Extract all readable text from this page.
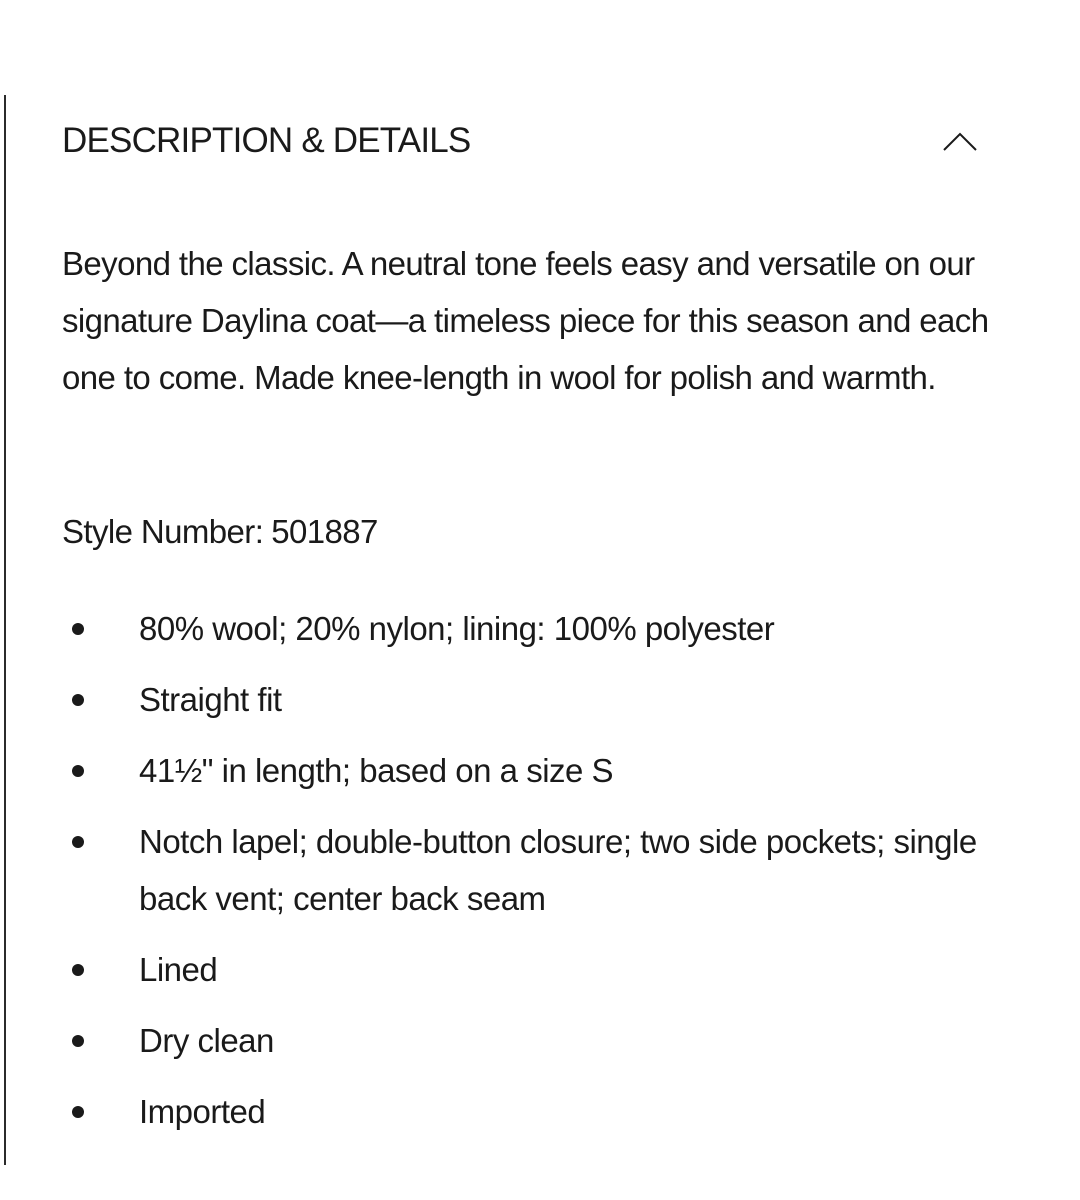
DESCRIPTION & DETAILS

Beyond the classic. A neutral tone feels easy and versatile on our signature Daylina coat—a timeless piece for this season and each one to come. Made knee-length in wool for polish and warmth.

Style Number: 501887
80% wool; 20% nylon; lining: 100% polyester
Straight fit
41½" in length; based on a size S
Notch lapel; double-button closure; two side pockets; single back vent; center back seam
Lined
Dry clean
Imported
